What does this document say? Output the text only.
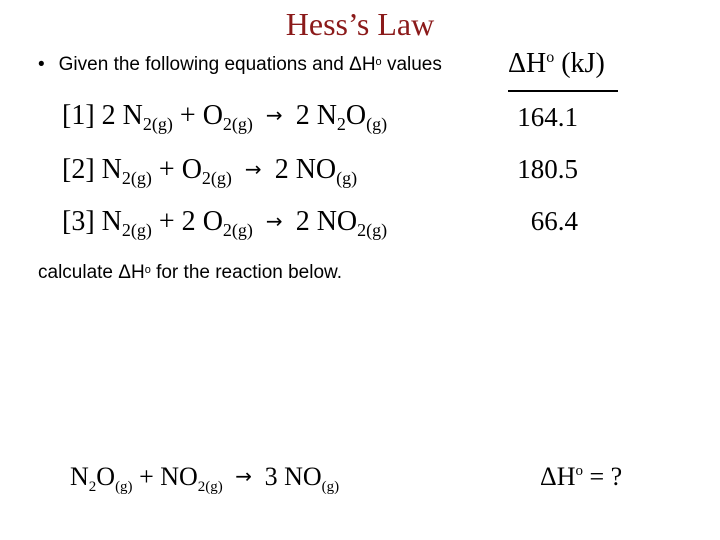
Hess’s Law
• Given the following equations and $\Delta H^o$ values $\Delta H^o$ (kJ)
[1] 2 $N_{2(g)} + O_{2(g)} \to 2$ $N_2O_{(g)}$	164.1
[2] $N_{2(g)} + O_{2(g)} \to 2$ $NO_{(g)}$	180.5
[3] $N_{2(g)} + 2$ $O_{2(g)} \to 2$ $NO_{2(g)}$	66.4
calculate $\Delta H^o$ for the reaction below.
$N_2O_{(g)} + NO_{2(g)} \to 3$ $NO_{(g)}$	$\Delta H^o$ = ?
